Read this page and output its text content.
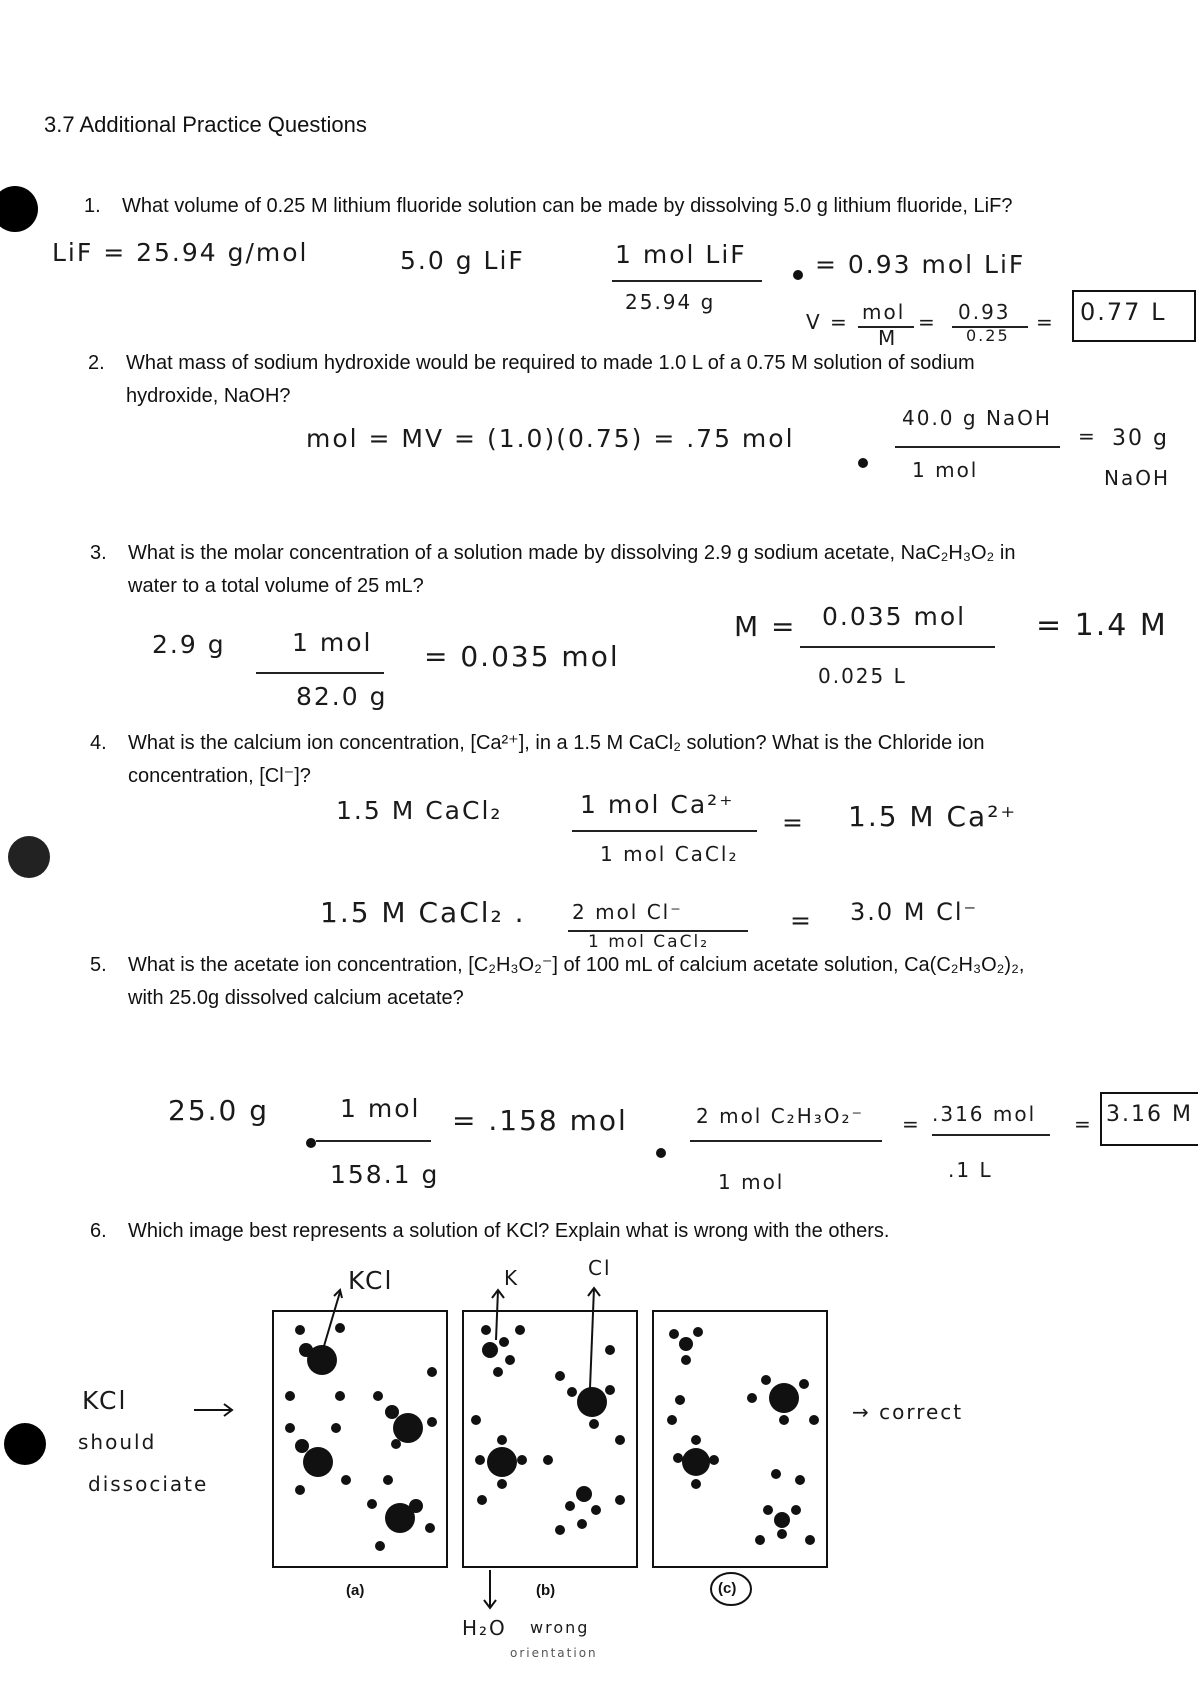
3.7 Additional Practice Questions
1. What volume of 0.25 M lithium fluoride solution can be made by dissolving 5.0 g lithium fluoride, LiF?
2. What mass of sodium hydroxide would be required to made 1.0 L of a 0.75 M solution of sodium
hydroxide, NaOH?
3. What is the molar concentration of a solution made by dissolving 2.9 g sodium acetate, NaC₂H₃O₂ in
water to a total volume of 25 mL?
4. What is the calcium ion concentration, [Ca²⁺], in a 1.5 M CaCl₂ solution? What is the Chloride ion
concentration, [Cl⁻]?
5. What is the acetate ion concentration, [C₂H₃O₂⁻] of 100 mL of calcium acetate solution, Ca(C₂H₃O₂)₂,
with 25.0g dissolved calcium acetate?
6. Which image best represents a solution of KCl? Explain what is wrong with the others.
LiF = 25.94 g/mol	5.0 g LiF	1 mol LiF
25.94 g
= 0.93 mol LiF
V = mol
M
= 0.93
0.25
= 0.77 L
mol = MV = (1.0)(0.75) = .75 mol
40.0 g NaOH
1 mol
= 30 g
NaOH
2.9 g	1 mol
82.0 g
= 0.035 mol
M = 0.035 mol
0.025 L
= 1.4 M
1.5 M CaCl₂	1 mol Ca²⁺
1 mol CaCl₂
= 1.5 M Ca²⁺
1.5 M CaCl₂ . 2 mol Cl⁻
1 mol CaCl₂
= 3.0 M Cl⁻
25.0 g	1 mol
158.1 g
= .158 mol	2 mol C₂H₃O₂⁻
1 mol
= .316 mol
.1 L
= 3.16 M
(a)	(b)	(c)
KCl	K	Cl
KCl
should
dissociate
→ correct
H₂O wrong
orientation
